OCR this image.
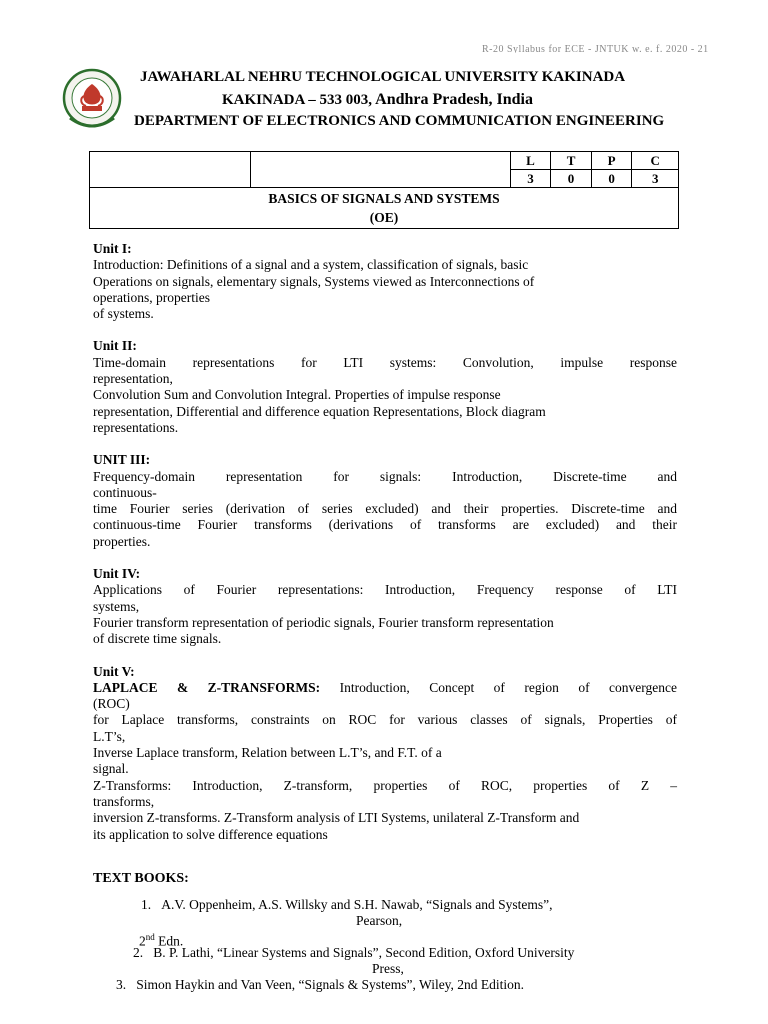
R-20 Syllabus for ECE - JNTUK w. e. f. 2020 - 21
JAWAHARLAL NEHRU TECHNOLOGICAL UNIVERSITY KAKINADA
KAKINADA – 533 003, Andhra Pradesh, India
DEPARTMENT OF ELECTRONICS AND COMMUNICATION ENGINEERING
		L	T	P	C
		3	0	0	3

BASICS OF SIGNALS AND SYSTEMS
(OE)					
Unit I:
Introduction: Definitions of a signal and a system, classification of signals, basic
Operations on signals, elementary signals, Systems viewed as Interconnections of
operations, properties
of systems.
Unit II:
Time-domain representations for LTI systems: Convolution, impulse response
representation,
Convolution Sum and Convolution Integral. Properties of impulse response
representation, Differential and difference equation Representations, Block diagram
representations.
UNIT III:
Frequency-domain representation for signals: Introduction, Discrete-time and
continuous-
time Fourier series (derivation of series excluded) and their properties. Discrete-time and
continuous-time Fourier transforms (derivations of transforms are excluded) and their
properties.
Unit IV:
Applications of Fourier representations: Introduction, Frequency response of LTI
systems,
Fourier transform representation of periodic signals, Fourier transform representation
of discrete time signals.
Unit V:
LAPLACE & Z-TRANSFORMS: Introduction, Concept of region of convergence
(ROC)
for Laplace transforms, constraints on ROC for various classes of signals, Properties of
L.T’s,
Inverse Laplace transform, Relation between L.T’s, and F.T. of a
signal.
Z-Transforms: Introduction, Z-transform, properties of ROC, properties of Z –
transforms,
inversion Z-transforms. Z-Transform analysis of LTI Systems, unilateral Z-Transform and
its application to solve difference equations
TEXT BOOKS:
1. A.V. Oppenheim, A.S. Willsky and S.H. Nawab, “Signals and Systems”,
Pearson,
2nd Edn.
2. B. P. Lathi, “Linear Systems and Signals”, Second Edition, Oxford University
Press,
3. Simon Haykin and Van Veen, “Signals & Systems”, Wiley, 2nd Edition.
